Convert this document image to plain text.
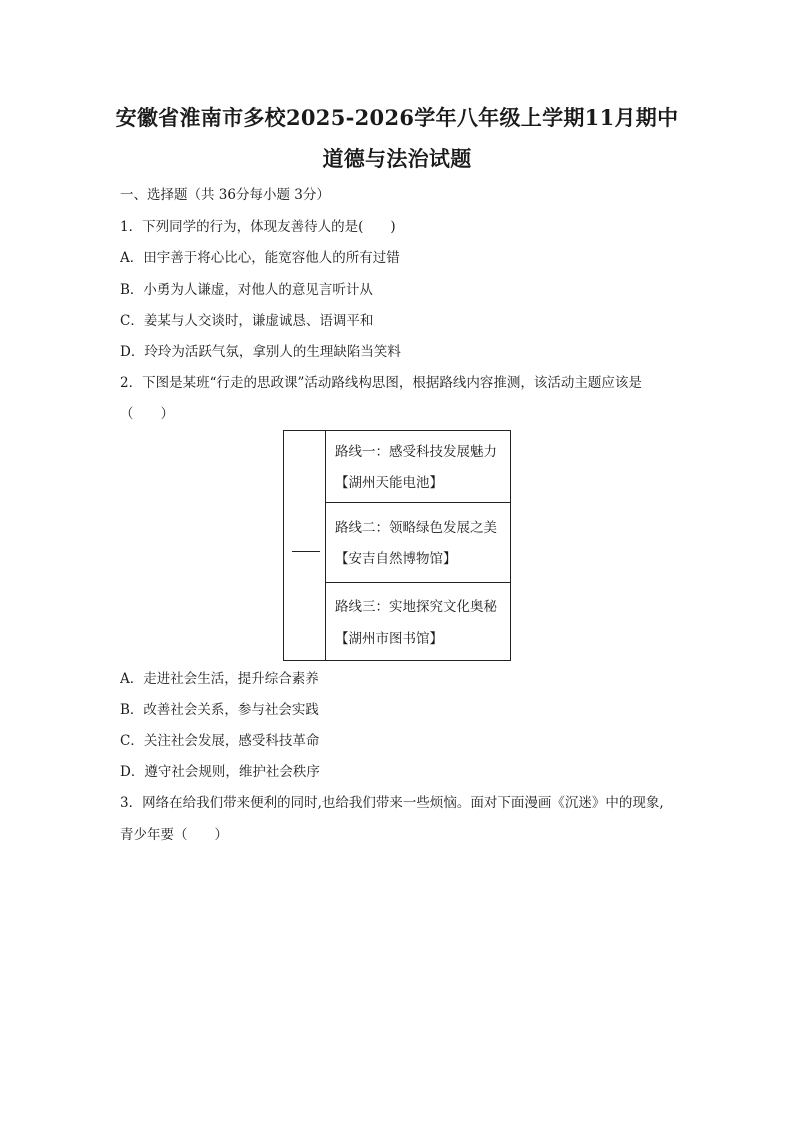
安徽省淮南市多校2025-2026学年八年级上学期11月期中
道德与法治试题
一、选择题（共 36分每小题 3分）
1．下列同学的行为，体现友善待人的是(　　)
A．田宇善于将心比心，能宽容他人的所有过错
B．小勇为人谦虚，对他人的意见言听计从
C．姜某与人交谈时，谦虚诚恳、语调平和
D．玲玲为活跃气氛，拿别人的生理缺陷当笑料
2．下图是某班“行走的思政课”活动路线构思图，根据路线内容推测，该活动主题应该是
（　　）
路线一：感受科技发展魅力
【湖州天能电池】
路线二：领略绿色发展之美
【安吉自然博物馆】
路线三：实地探究文化奥秘
【湖州市图书馆】
A．走进社会生活，提升综合素养
B．改善社会关系，参与社会实践
C．关注社会发展，感受科技革命
D．遵守社会规则，维护社会秩序
3．网络在给我们带来便利的同时,也给我们带来一些烦恼。面对下面漫画《沉迷》中的现象,
青少年要（　　）
